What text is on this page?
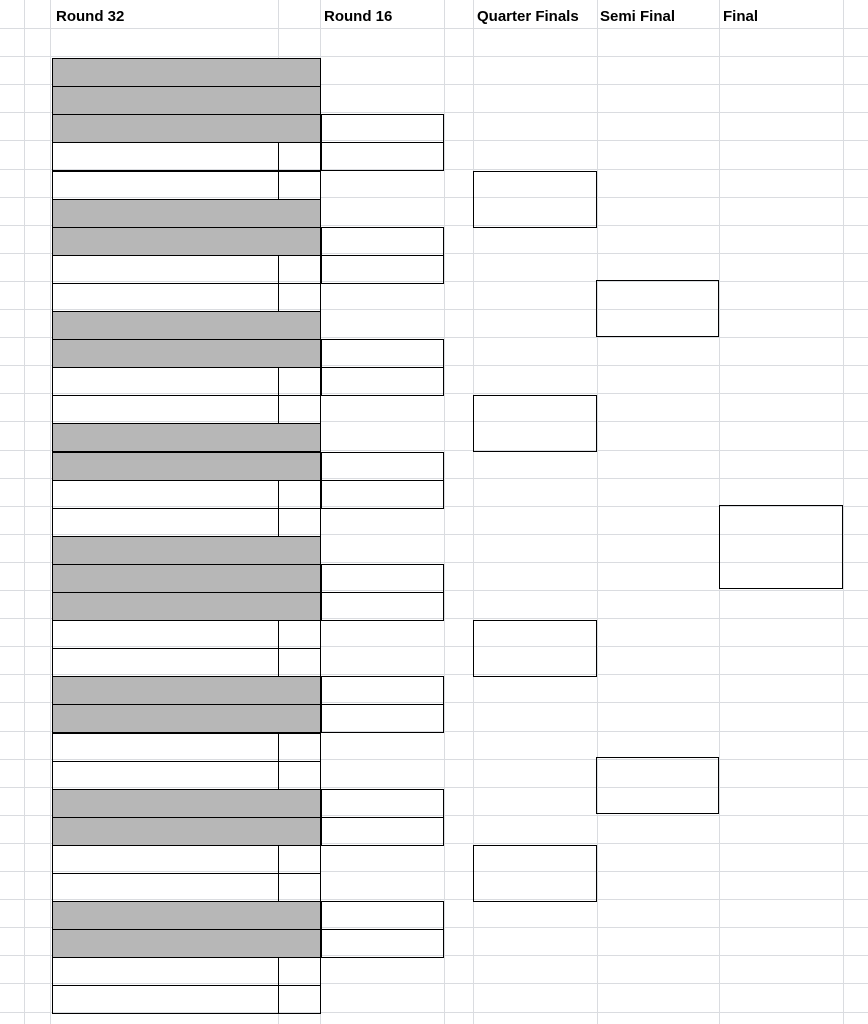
Round 32	Round 16	Quarter Finals	Semi Final	Final
